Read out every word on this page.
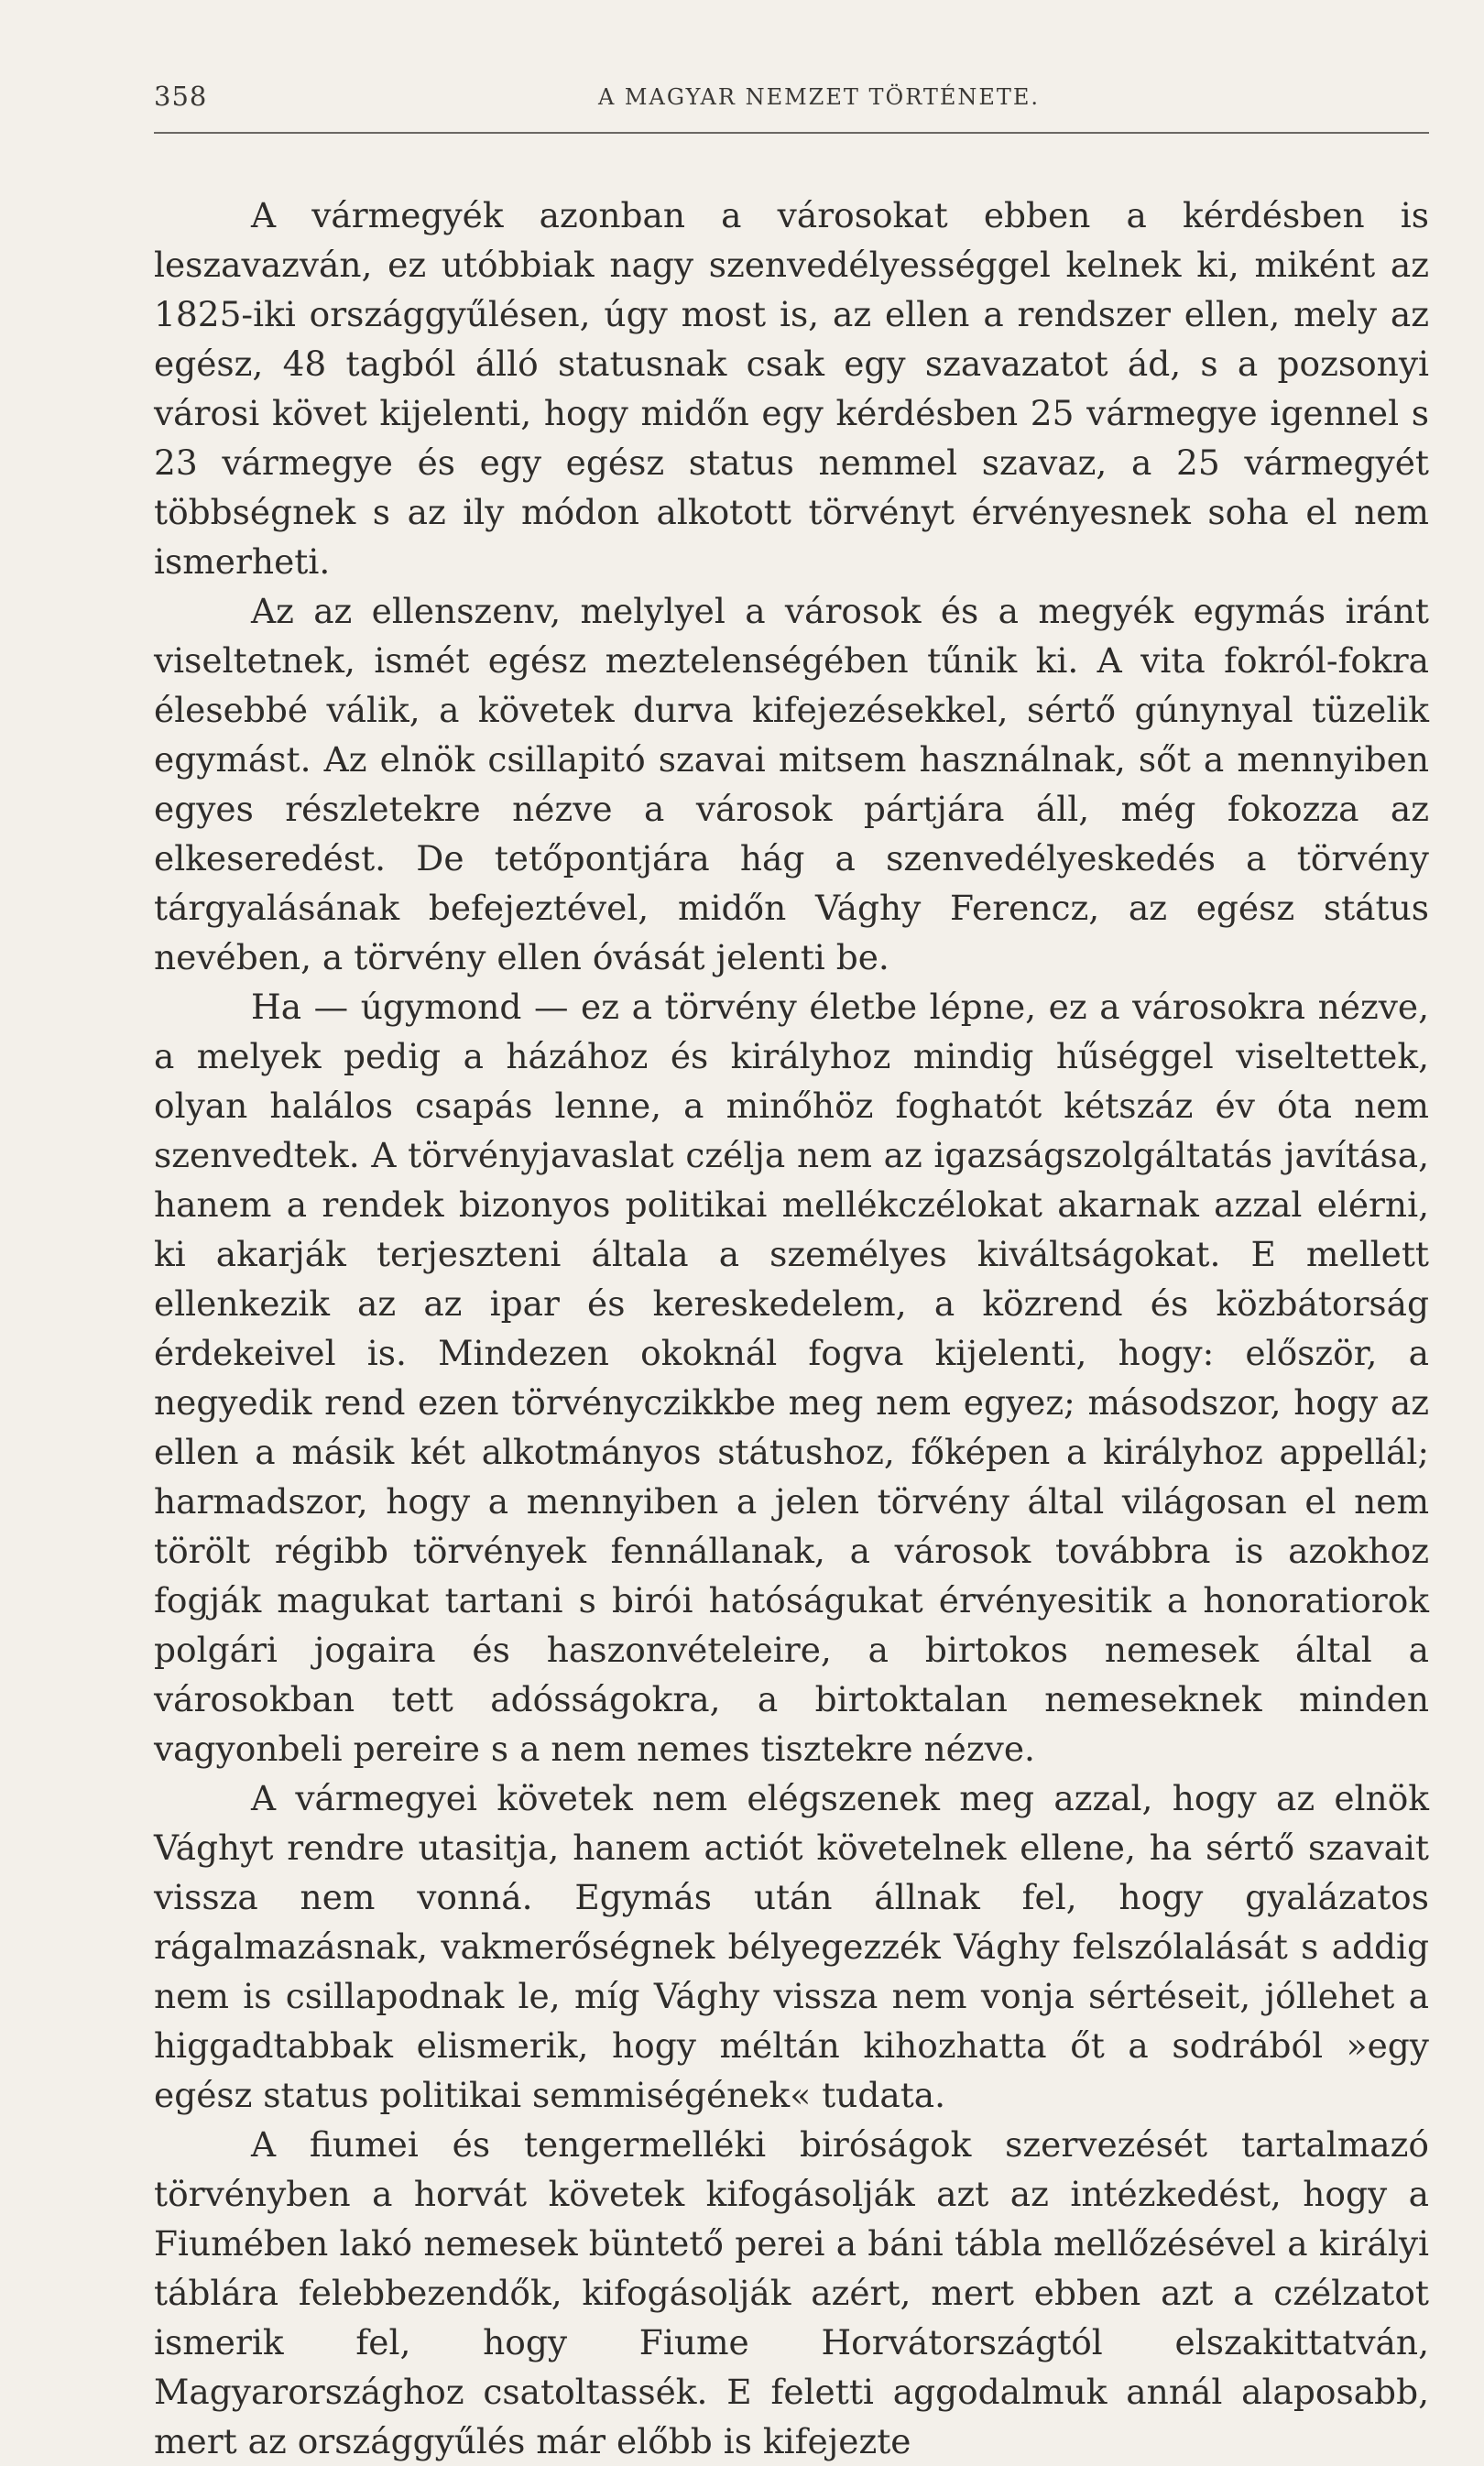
358	A MAGYAR NEMZET TÖRTÉNETE.

A vármegyék azonban a városokat ebben a kérdésben is leszavazván, ez utóbbiak nagy szenvedélyességgel kelnek ki, miként az 1825-iki országgyűlésen, úgy most is, az ellen a rendszer ellen, mely az egész, 48 tagból álló statusnak csak egy szavazatot ád, s a pozsonyi városi követ kijelenti, hogy midőn egy kérdésben 25 vármegye igennel s 23 vármegye és egy egész status nemmel szavaz, a 25 vármegyét többségnek s az ily módon alkotott törvényt érvényesnek soha el nem ismerheti.

Az az ellenszenv, melylyel a városok és a megyék egymás iránt viseltetnek, ismét egész meztelenségében tűnik ki. A vita fokról-fokra élesebbé válik, a követek durva kifejezésekkel, sértő gúnynyal tüzelik egymást. Az elnök csillapitó szavai mitsem használnak, sőt a mennyiben egyes részletekre nézve a városok pártjára áll, még fokozza az elkeseredést. De tetőpontjára hág a szenvedélyeskedés a törvény tárgyalásának befejeztével, midőn Vághy Ferencz, az egész státus nevében, a törvény ellen óvását jelenti be.

Ha — úgymond — ez a törvény életbe lépne, ez a városokra nézve, a melyek pedig a házához és királyhoz mindig hűséggel viseltettek, olyan halálos csapás lenne, a minőhöz foghatót kétszáz év óta nem szenvedtek. A törvényjavaslat czélja nem az igazságszolgáltatás javítása, hanem a rendek bizonyos politikai mellékczélokat akarnak azzal elérni, ki akarják terjeszteni általa a személyes kiváltságokat. E mellett ellenkezik az az ipar és kereskedelem, a közrend és közbátorság érdekeivel is. Mindezen okoknál fogva kijelenti, hogy: először, a negyedik rend ezen törvényczikkbe meg nem egyez; másodszor, hogy az ellen a másik két alkotmányos státushoz, főképen a királyhoz appellál; harmadszor, hogy a mennyiben a jelen törvény által világosan el nem törölt régibb törvények fennállanak, a városok továbbra is azokhoz fogják magukat tartani s birói hatóságukat érvényesitik a honoratiorok polgári jogaira és haszonvételeire, a birtokos nemesek által a városokban tett adósságokra, a birtoktalan nemeseknek minden vagyonbeli pereire s a nem nemes tisztekre nézve.

A vármegyei követek nem elégszenek meg azzal, hogy az elnök Vághyt rendre utasitja, hanem actiót követelnek ellene, ha sértő szavait vissza nem vonná. Egymás után állnak fel, hogy gyalázatos rágalmazásnak, vakmerőségnek bélyegezzék Vághy felszólalását s addig nem is csillapodnak le, míg Vághy vissza nem vonja sértéseit, jóllehet a higgadtabbak elismerik, hogy méltán kihozhatta őt a sodrából »egy egész status politikai semmiségének« tudata.

A fiumei és tengermelléki biróságok szervezését tartalmazó törvényben a horvát követek kifogásolják azt az intézkedést, hogy a Fiumében lakó nemesek büntető perei a báni tábla mellőzésével a királyi táblára felebbezendők, kifogásolják azért, mert ebben azt a czélzatot ismerik fel, hogy Fiume Horvátországtól elszakittatván, Magyarországhoz csatoltassék. E feletti aggodalmuk annál alaposabb, mert az országgyűlés már előbb is kifejezte
